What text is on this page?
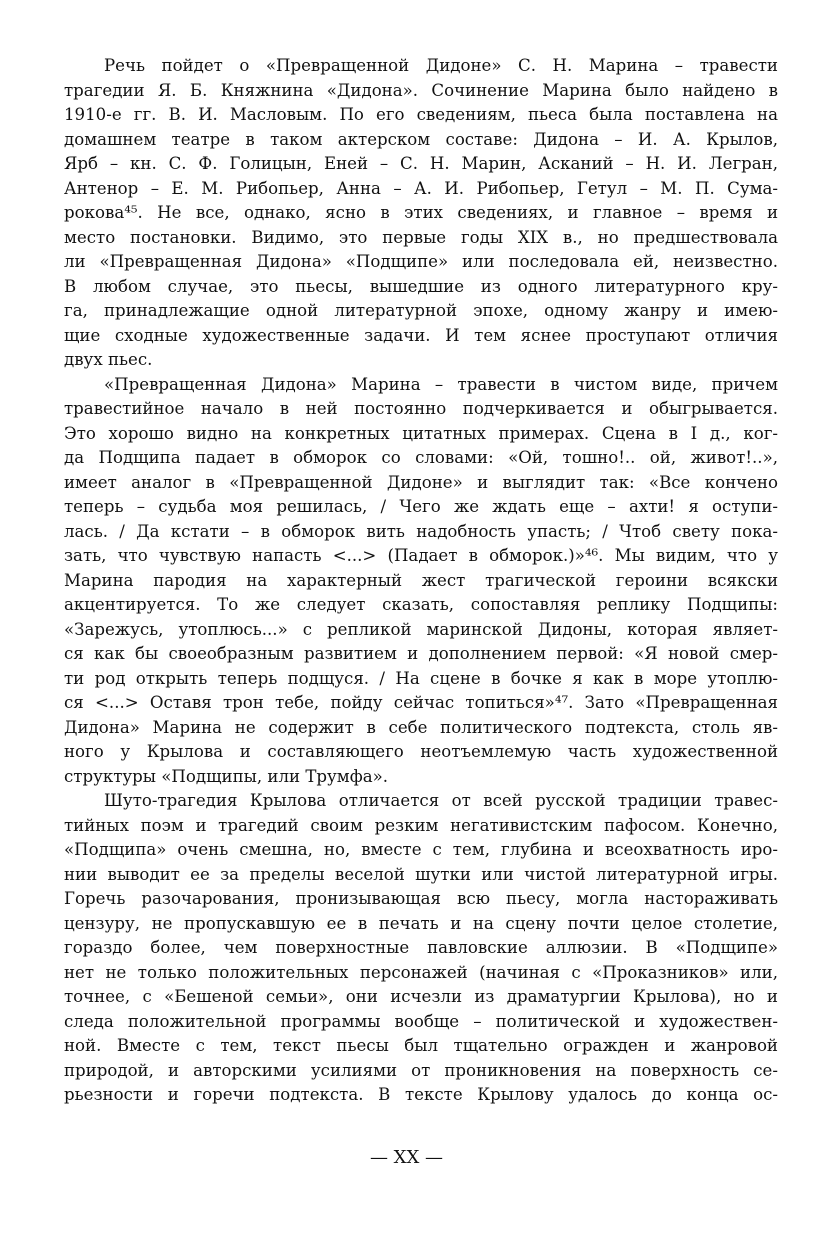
Речь пойдет о «Превращенной Дидоне» С. Н. Марина – травести
трагедии Я. Б. Княжнина «Дидона». Сочинение Марина было найдено в
1910-е гг. В. И. Масловым. По его сведениям, пьеса была поставлена на
домашнем театре в таком актерском составе: Дидона – И. А. Крылов,
Ярб – кн. С. Ф. Голицын, Еней – С. Н. Марин, Асканий – Н. И. Легран,
Антенор – Е. М. Рибопьер, Анна – А. И. Рибопьер, Гетул – М. П. Сума-
рокова⁴⁵. Не все, однако, ясно в этих сведениях, и главное – время и
место постановки. Видимо, это первые годы XIX в., но предшествовала
ли «Превращенная Дидона» «Подщипе» или последовала ей, неизвестно.
В любом случае, это пьесы, вышедшие из одного литературного кру-
га, принадлежащие одной литературной эпохе, одному жанру и имею-
щие сходные художественные задачи. И тем яснее проступают отличия
двух пьес.
«Превращенная Дидона» Марина – травести в чистом виде, причем
травестийное начало в ней постоянно подчеркивается и обыгрывается.
Это хорошо видно на конкретных цитатных примерах. Сцена в I д., ког-
да Подщипа падает в обморок со словами: «Ой, тошно!.. ой, живот!..»,
имеет аналог в «Превращенной Дидоне» и выглядит так: «Все кончено
теперь – судьба моя решилась, / Чего же ждать еще – ахти! я оступи-
лась. / Да кстати – в обморок вить надобность упасть; / Чтоб свету пока-
зать, что чувствую напасть <...> (Падает в обморок.)»⁴⁶. Мы видим, что у
Марина пародия на характерный жест трагической героини всякски
акцентируется. То же следует сказать, сопоставляя реплику Подщипы:
«Зарежусь, утоплюсь...» с репликой маринской Дидоны, которая являет-
ся как бы своеобразным развитием и дополнением первой: «Я новой смер-
ти род открыть теперь подщуся. / На сцене в бочке я как в море утоплю-
ся <...> Оставя трон тебе, пойду сейчас топиться»⁴⁷. Зато «Превращенная
Дидона» Марина не содержит в себе политического подтекста, столь яв-
ного у Крылова и составляющего неотъемлемую часть художественной
структуры «Подщипы, или Трумфа».
Шуто-трагедия Крылова отличается от всей русской традиции травес-
тийных поэм и трагедий своим резким негативистским пафосом. Конечно,
«Подщипа» очень смешна, но, вместе с тем, глубина и всеохватность иро-
нии выводит ее за пределы веселой шутки или чистой литературной игры.
Горечь разочарования, пронизывающая всю пьесу, могла настораживать
цензуру, не пропускавшую ее в печать и на сцену почти целое столетие,
гораздо более, чем поверхностные павловские аллюзии. В «Подщипе»
нет не только положительных персонажей (начиная с «Проказников» или,
точнее, с «Бешеной семьи», они исчезли из драматургии Крылова), но и
следа положительной программы вообще – политической и художествен-
ной. Вместе с тем, текст пьесы был тщательно огражден и жанровой
природой, и авторскими усилиями от проникновения на поверхность се-
рьезности и горечи подтекста. В тексте Крылову удалось до конца ос-
— XX —
